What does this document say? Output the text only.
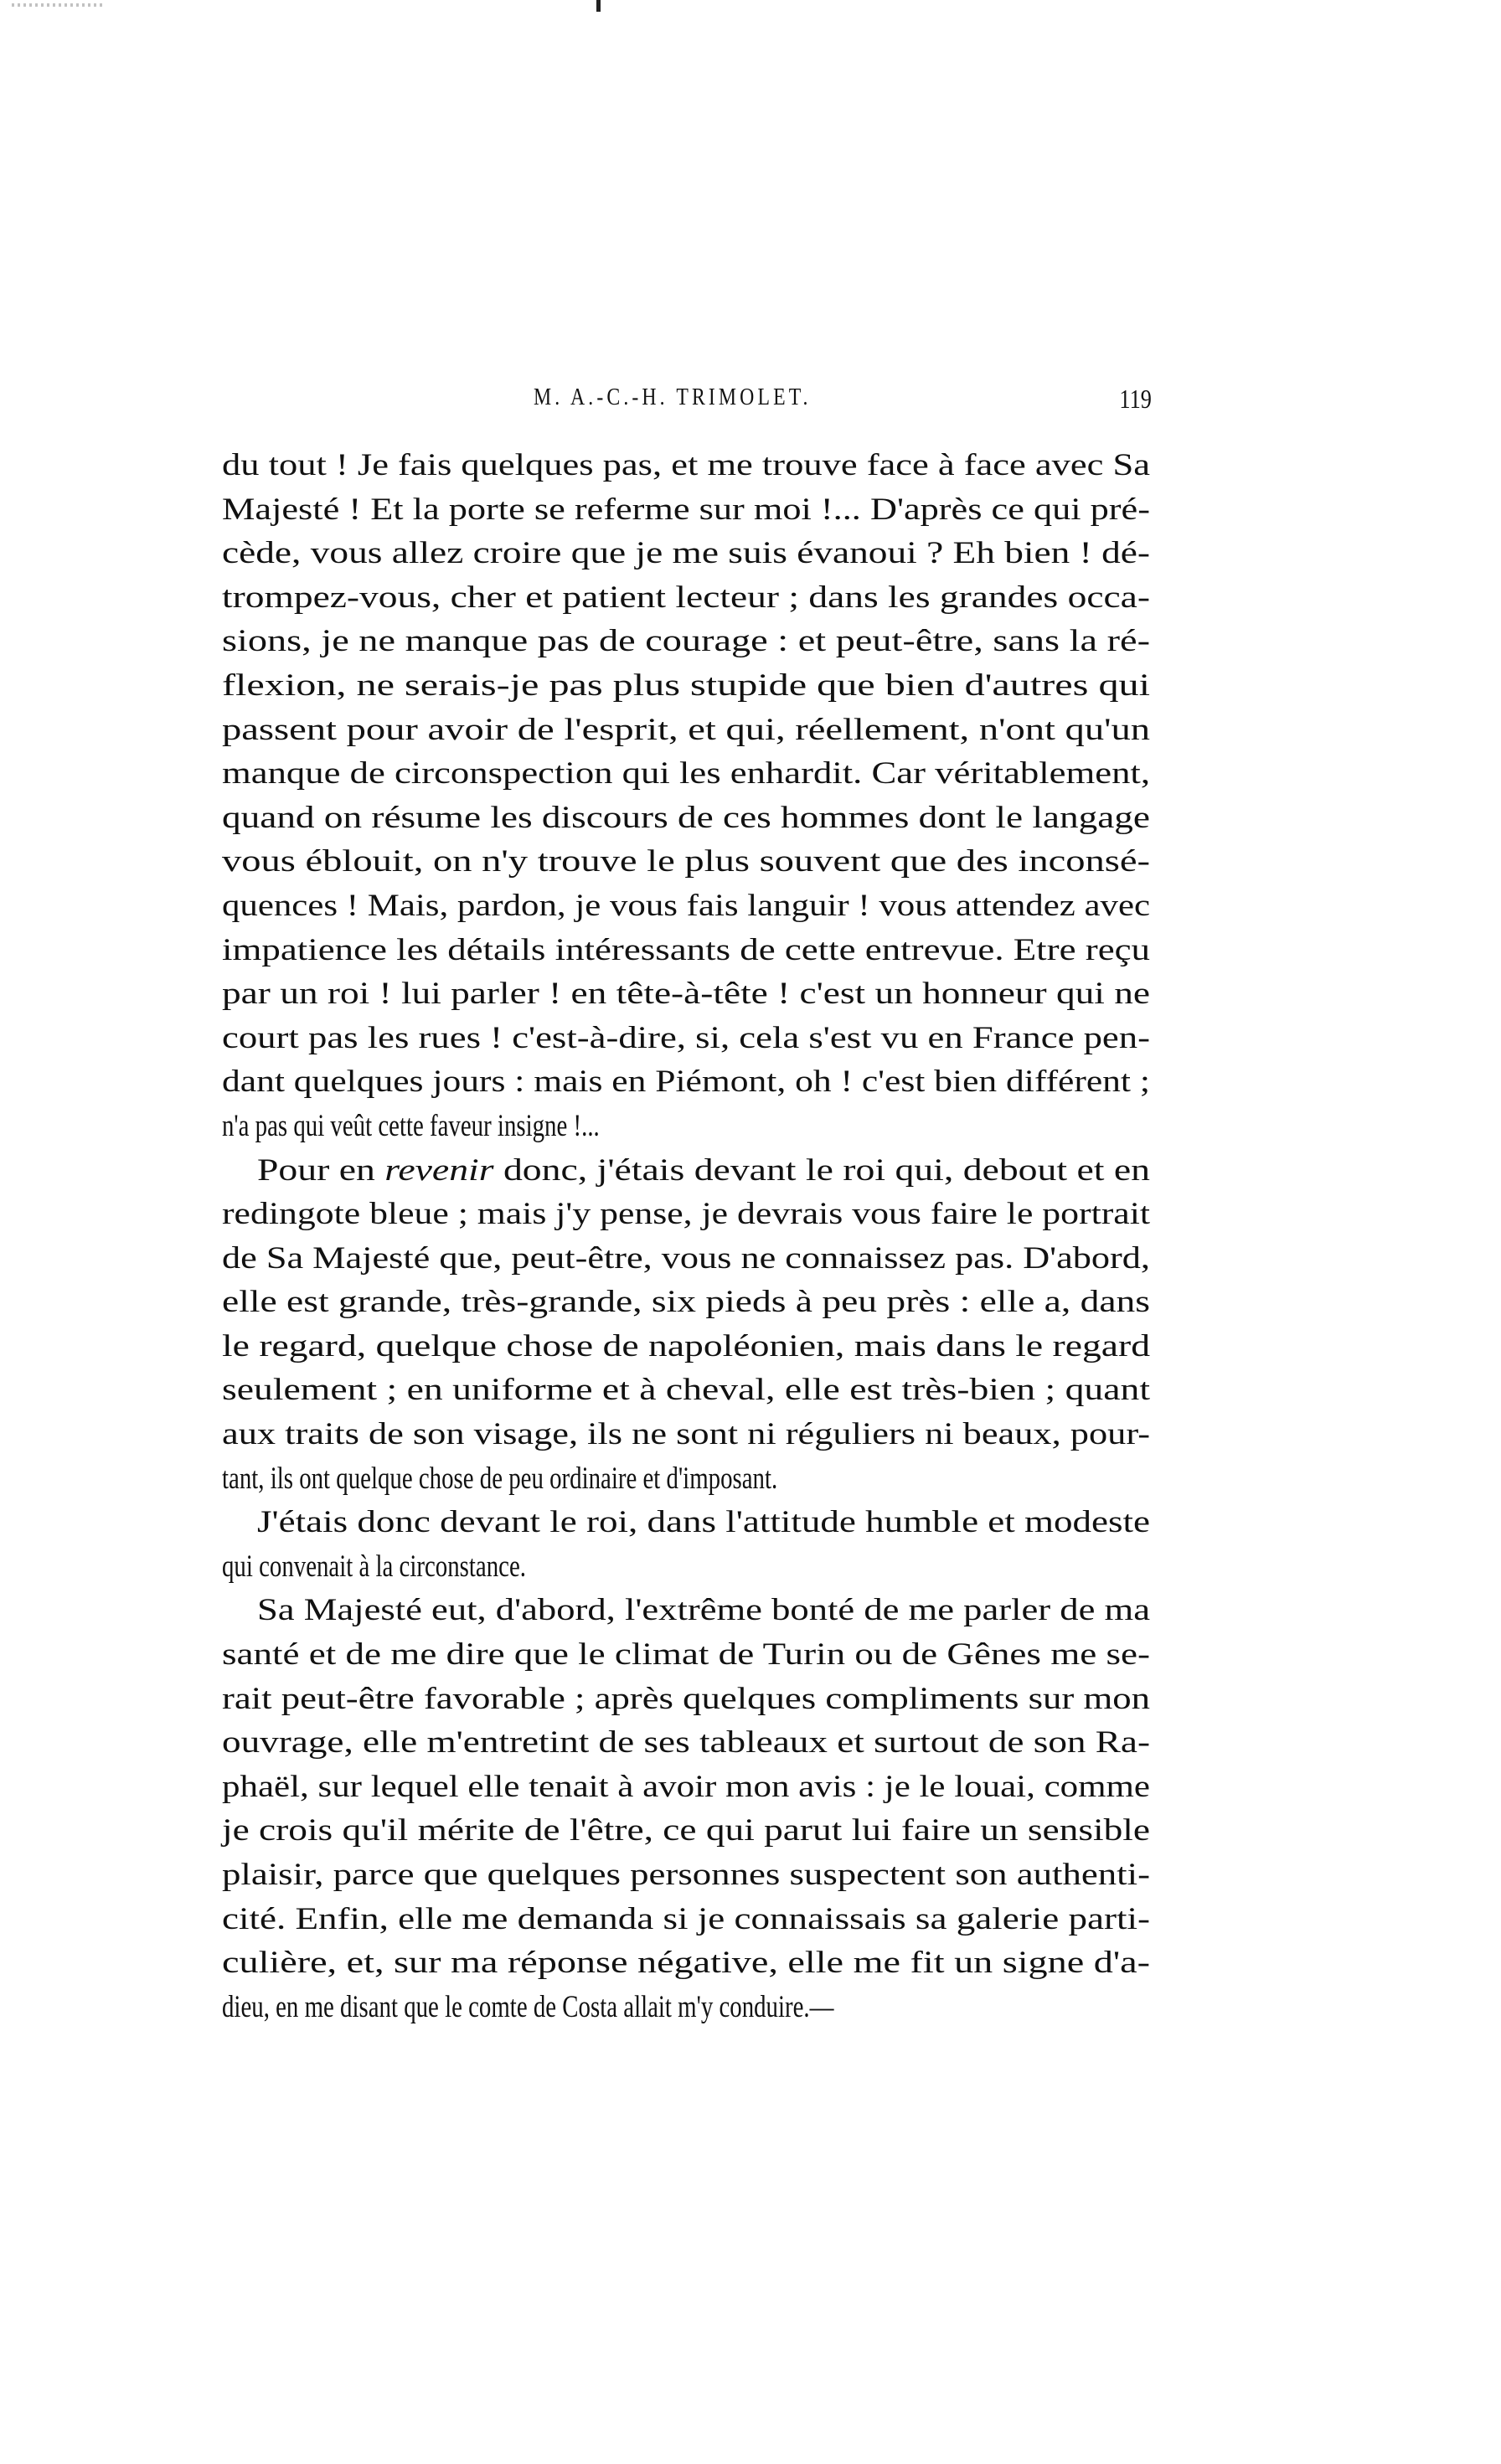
M. A.-C.-H. TRIMOLET.	119
du tout ! Je fais quelques pas, et me trouve face à face avec Sa
Majesté ! Et la porte se referme sur moi !... D'après ce qui pré-
cède, vous allez croire que je me suis évanoui ? Eh bien ! dé-
trompez-vous, cher et patient lecteur ; dans les grandes occa-
sions, je ne manque pas de courage : et peut-être, sans la ré-
flexion, ne serais-je pas plus stupide que bien d'autres qui
passent pour avoir de l'esprit, et qui, réellement, n'ont qu'un
manque de circonspection qui les enhardit. Car véritablement,
quand on résume les discours de ces hommes dont le langage
vous éblouit, on n'y trouve le plus souvent que des inconsé-
quences ! Mais, pardon, je vous fais languir ! vous attendez avec
impatience les détails intéressants de cette entrevue. Etre reçu
par un roi ! lui parler ! en tête-à-tête ! c'est un honneur qui ne
court pas les rues ! c'est-à-dire, si, cela s'est vu en France pen-
dant quelques jours : mais en Piémont, oh ! c'est bien différent ;
n'a pas qui veût cette faveur insigne !...
Pour en revenir donc, j'étais devant le roi qui, debout et en
redingote bleue ; mais j'y pense, je devrais vous faire le portrait
de Sa Majesté que, peut-être, vous ne connaissez pas. D'abord,
elle est grande, très-grande, six pieds à peu près : elle a, dans
le regard, quelque chose de napoléonien, mais dans le regard
seulement ; en uniforme et à cheval, elle est très-bien ; quant
aux traits de son visage, ils ne sont ni réguliers ni beaux, pour-
tant, ils ont quelque chose de peu ordinaire et d'imposant.
J'étais donc devant le roi, dans l'attitude humble et modeste
qui convenait à la circonstance.
Sa Majesté eut, d'abord, l'extrême bonté de me parler de ma
santé et de me dire que le climat de Turin ou de Gênes me se-
rait peut-être favorable ; après quelques compliments sur mon
ouvrage, elle m'entretint de ses tableaux et surtout de son Ra-
phaël, sur lequel elle tenait à avoir mon avis : je le louai, comme
je crois qu'il mérite de l'être, ce qui parut lui faire un sensible
plaisir, parce que quelques personnes suspectent son authenti-
cité. Enfin, elle me demanda si je connaissais sa galerie parti-
culière, et, sur ma réponse négative, elle me fit un signe d'a-
dieu, en me disant que le comte de Costa allait m'y conduire.—
